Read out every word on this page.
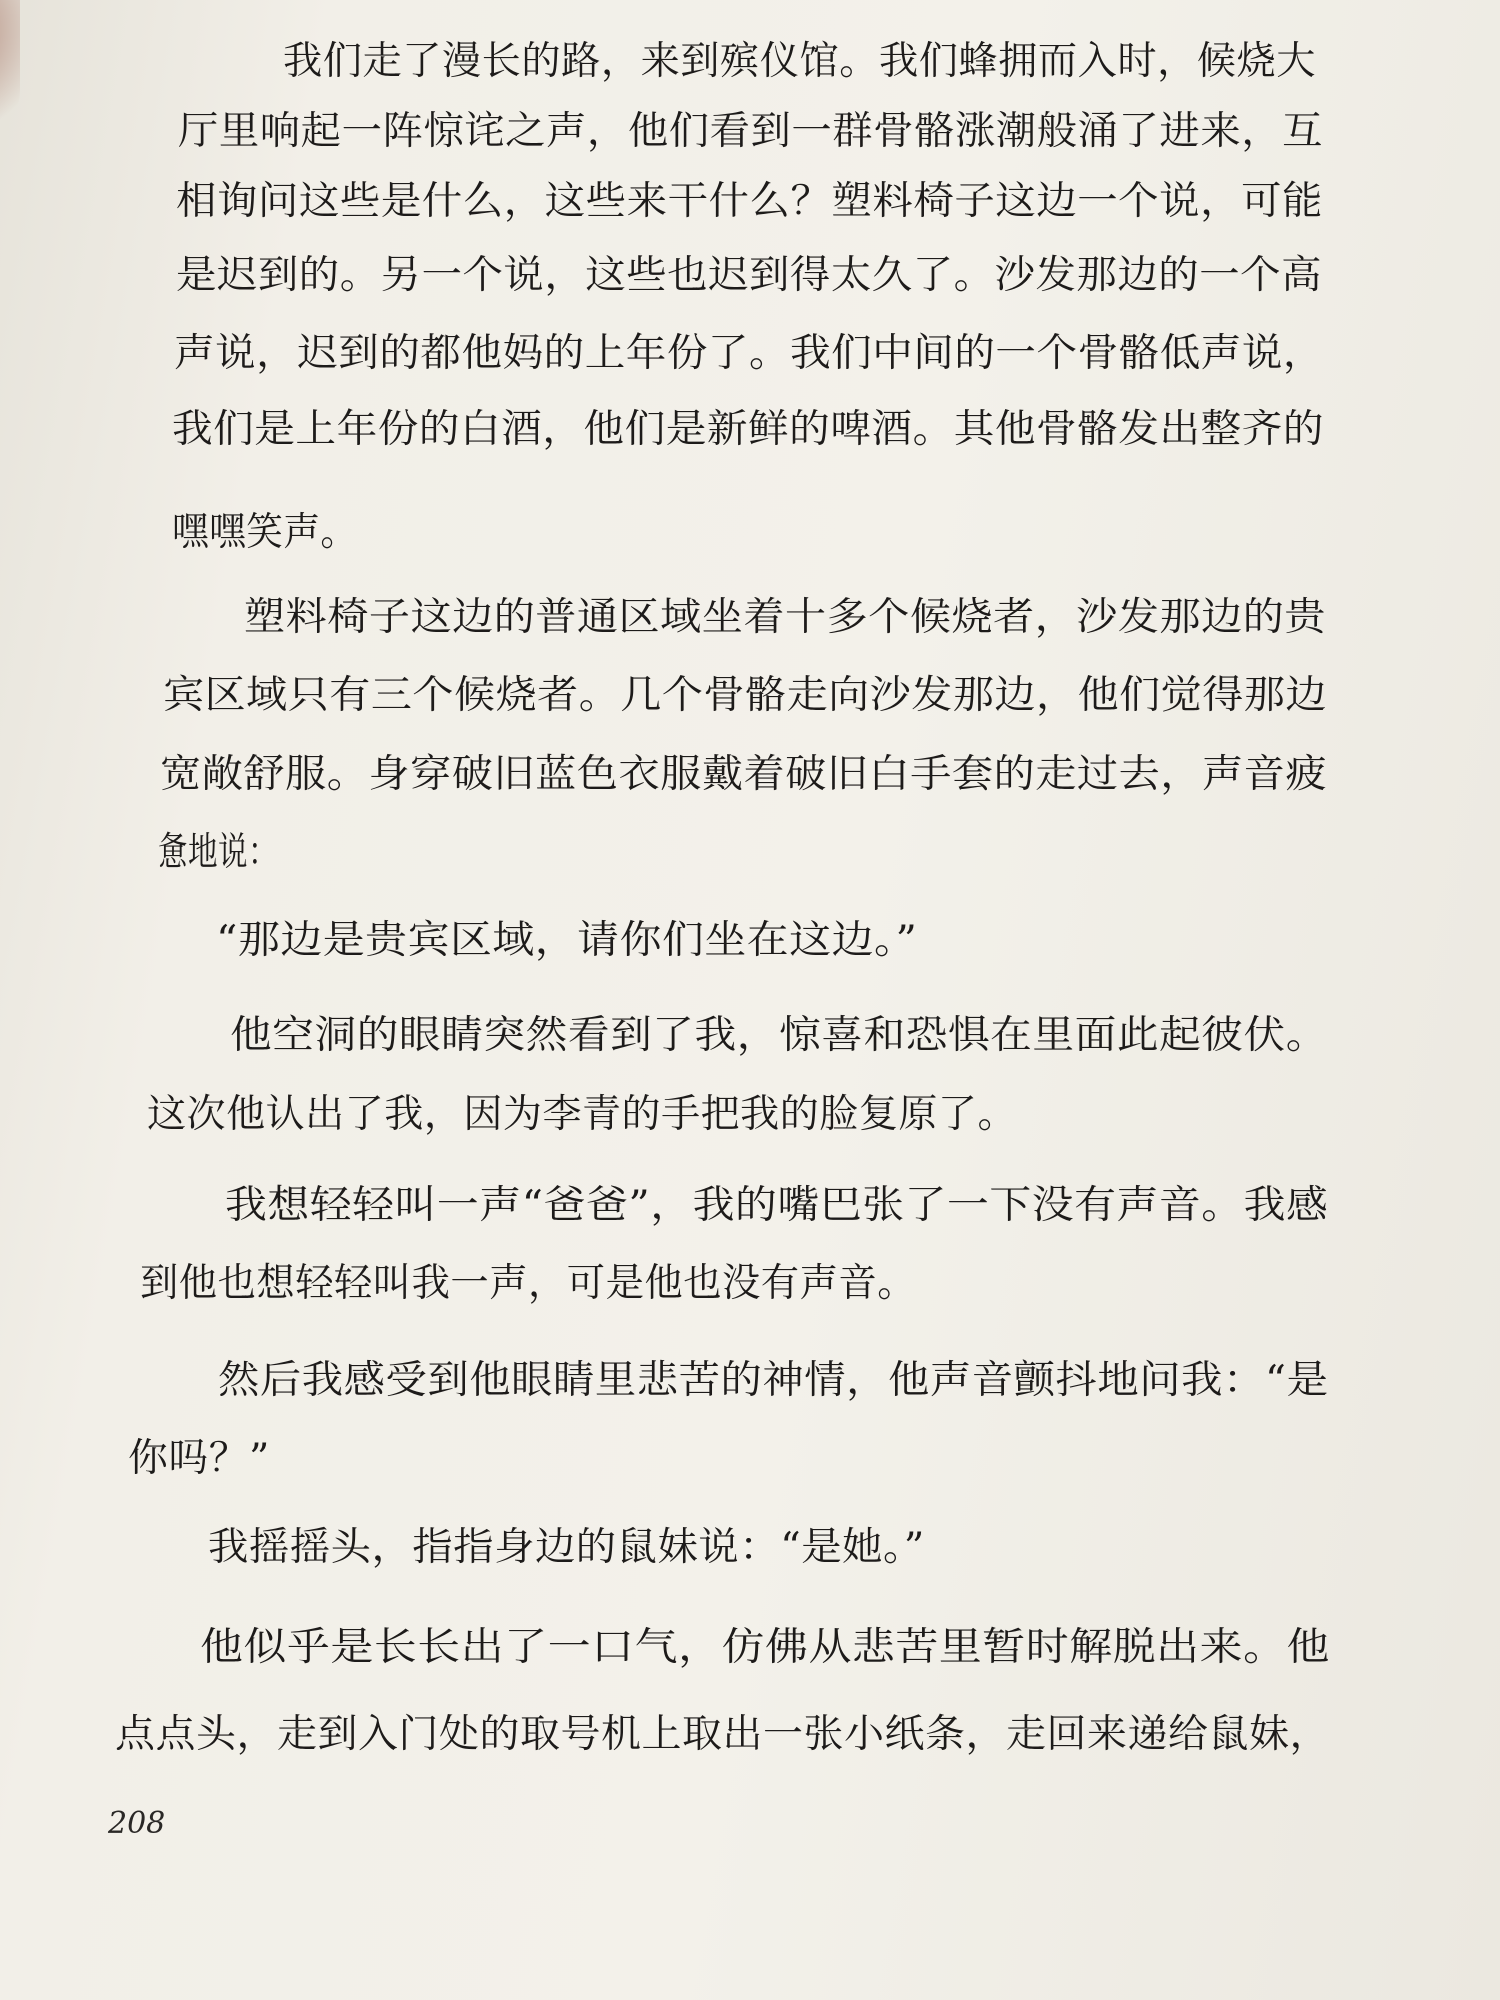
我们走了漫长的路，来到殡仪馆。我们蜂拥而入时，候烧大
厅里响起一阵惊诧之声，他们看到一群骨骼涨潮般涌了进来，互
相询问这些是什么，这些来干什么？塑料椅子这边一个说，可能
是迟到的。另一个说，这些也迟到得太久了。沙发那边的一个高
声说，迟到的都他妈的上年份了。我们中间的一个骨骼低声说，
我们是上年份的白酒，他们是新鲜的啤酒。其他骨骼发出整齐的
嘿嘿笑声。
塑料椅子这边的普通区域坐着十多个候烧者，沙发那边的贵
宾区域只有三个候烧者。几个骨骼走向沙发那边，他们觉得那边
宽敞舒服。身穿破旧蓝色衣服戴着破旧白手套的走过去，声音疲
惫地说：
“那边是贵宾区域，请你们坐在这边。”
他空洞的眼睛突然看到了我，惊喜和恐惧在里面此起彼伏。
这次他认出了我，因为李青的手把我的脸复原了。
我想轻轻叫一声“爸爸”，我的嘴巴张了一下没有声音。我感
到他也想轻轻叫我一声，可是他也没有声音。
然后我感受到他眼睛里悲苦的神情，他声音颤抖地问我：“是
你吗？”
我摇摇头，指指身边的鼠妹说：“是她。”
他似乎是长长出了一口气，仿佛从悲苦里暂时解脱出来。他
点点头，走到入门处的取号机上取出一张小纸条，走回来递给鼠妹，
208
